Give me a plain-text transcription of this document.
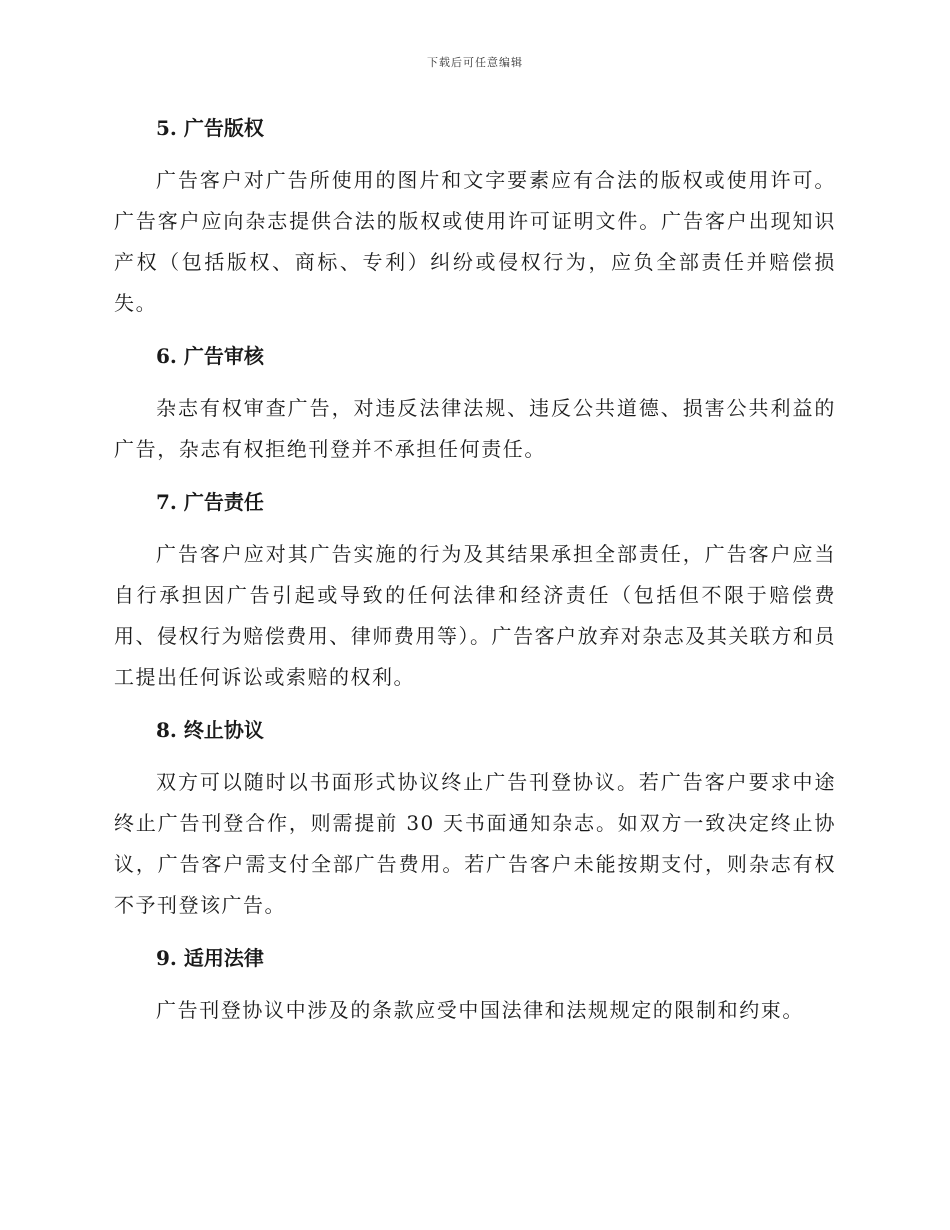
下载后可任意编辑
5. 广告版权

广告客户对广告所使用的图片和文字要素应有合法的版权或使用许可。广告客户应向杂志提供合法的版权或使用许可证明文件。广告客户出现知识产权（包括版权、商标、专利）纠纷或侵权行为，应负全部责任并赔偿损失。

6. 广告审核

杂志有权审查广告，对违反法律法规、违反公共道德、损害公共利益的广告，杂志有权拒绝刊登并不承担任何责任。

7. 广告责任

广告客户应对其广告实施的行为及其结果承担全部责任，广告客户应当自行承担因广告引起或导致的任何法律和经济责任（包括但不限于赔偿费用、侵权行为赔偿费用、律师费用等）。广告客户放弃对杂志及其关联方和员工提出任何诉讼或索赔的权利。

8. 终止协议

双方可以随时以书面形式协议终止广告刊登协议。若广告客户要求中途终止广告刊登合作，则需提前 30 天书面通知杂志。如双方一致决定终止协议，广告客户需支付全部广告费用。若广告客户未能按期支付，则杂志有权不予刊登该广告。

9. 适用法律

广告刊登协议中涉及的条款应受中国法律和法规规定的限制和约束。
